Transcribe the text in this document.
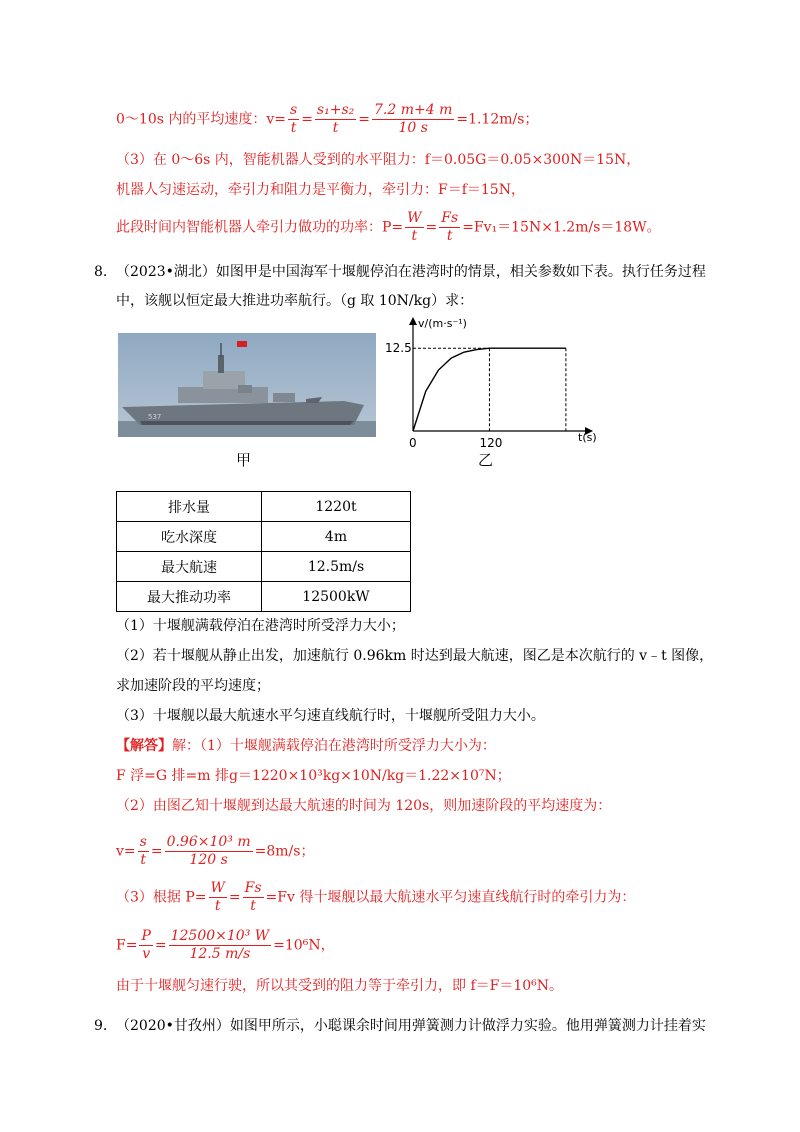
0～10s 内的平均速度：$v= \frac{s}{t} = \frac{\text{s₁+s₂}}{t} = \frac{7.2 m+4 m}{10 s} =1.12m/s$；
（3）在 0～6s 内，智能机器人受到的水平阻力：f＝0.05G＝0.05×300N＝15N，
机器人匀速运动，牵引力和阻力是平衡力，牵引力：F＝f＝15N，
此段时间内智能机器人牵引力做功的功率：$P= \frac{W}{t} = \frac{Fs}{t} =Fv_1=15N\times 1.2m/s=18W$。
8. （2023•湖北）如图甲是中国海军十堰舰停泊在港湾时的情景，相关参数如下表。执行任务过程
中，该舰以恒定最大推进功率航行。（g 取 10N/kg）求：
537
甲
v/(m·s⁻¹)
t(s)
12.5
0	120
乙
排水量	1220t
吃水深度	4m
最大航速	12.5m/s
最大推动功率	12500kW
（1）十堰舰满载停泊在港湾时所受浮力大小；
（2）若十堰舰从静止出发，加速航行 0.96km 时达到最大航速，图乙是本次航行的 v﹣t 图像，
求加速阶段的平均速度；
（3）十堰舰以最大航速水平匀速直线航行时，十堰舰所受阻力大小。
【解答】解：（1）十堰舰满载停泊在港湾时所受浮力大小为：
F 浮=G 排=m 排g＝1220×10³kg×10N/kg＝1.22×10⁷N；
（2）由图乙知十堰舰到达最大航速的时间为 120s，则加速阶段的平均速度为：
$v= \frac{s}{t} = \frac{\text{0.96×10³ m}}{120 s} =8m/s$；
（3）根据 $P= \frac{W}{t} = \frac{Fs}{t} =Fv$ 得十堰舰以最大航速水平匀速直线航行时的牵引力为：
$F= \frac{P}{v} = \frac{\text{12500×10³ W}}{12.5 m/s} =10^6N$，
由于十堰舰匀速行驶，所以其受到的阻力等于牵引力，即 f＝F＝10⁶N。
9. （2020•甘孜州）如图甲所示，小聪课余时间用弹簧测力计做浮力实验。他用弹簧测力计挂着实
